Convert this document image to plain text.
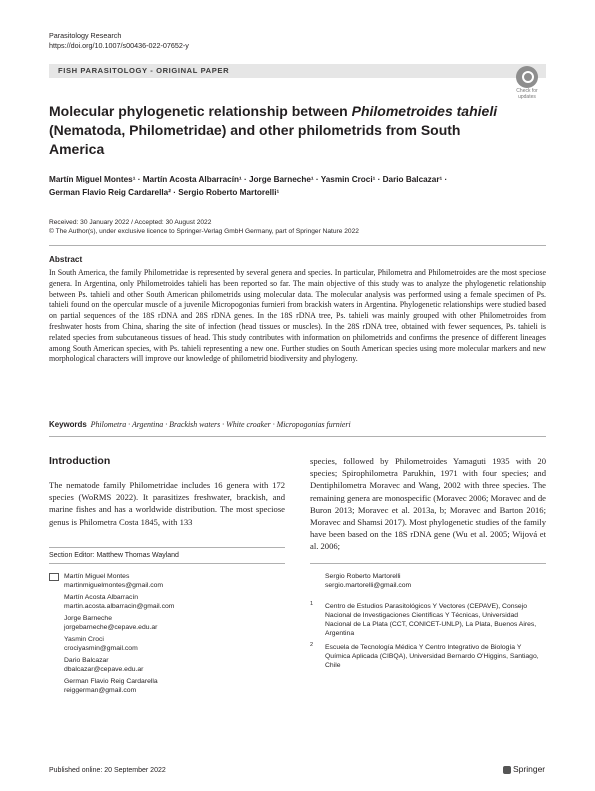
Parasitology Research
https://doi.org/10.1007/s00436-022-07652-y
FISH PARASITOLOGY - ORIGINAL PAPER
Check for
updates
Molecular phylogenetic relationship between Philometroides tahieli (Nematoda, Philometridae) and other philometrids from South America
Martín Miguel Montes¹ · Martín Acosta Albarracín¹ · Jorge Barneche¹ · Yasmin Croci¹ · Dario Balcazar¹ ·
German Flavio Reig Cardarella² · Sergio Roberto Martorelli¹
Received: 30 January 2022 / Accepted: 30 August 2022
© The Author(s), under exclusive licence to Springer-Verlag GmbH Germany, part of Springer Nature 2022
Abstract
In South America, the family Philometridae is represented by several genera and species. In particular, Philometra and Philometroides are the most speciose genera. In Argentina, only Philometroides tahieli has been reported so far. The main objective of this study was to analyze the phylogenetic relationship between Ps. tahieli and other South American philometrids using molecular data. The molecular analysis was performed using a female specimen of Ps. tahieli found on the opercular muscle of a juvenile Micropogonias furnieri from brackish waters in Argentina. Phylogenetic relationships were studied based on partial sequences of the 18S rDNA and 28S rDNA genes. In the 18S rDNA tree, Ps. tahieli was mainly grouped with other Philometroides from freshwater hosts from China, sharing the site of infection (head tissues or muscles). In the 28S rDNA tree, obtained with fewer sequences, Ps. tahieli is related species from subcutaneous tissues of head. This study contributes with information on philometrids and confirms the presence of different lineages among South American species, with Ps. tahieli representing a new one. Further studies on South American species using more molecular markers and new morphological characters will improve our knowledge of philometrid biodiversity and phylogeny.
Keywords Philometra · Argentina · Brackish waters · White croaker · Micropogonias furnieri
Introduction
The nematode family Philometridae includes 16 genera with 172 species (WoRMS 2022). It parasitizes freshwater, brackish, and marine fishes and has a worldwide distribution. The most speciose genus is Philometra Costa 1845, with 133
species, followed by Philometroides Yamaguti 1935 with 20 species; Spirophilometra Parukhin, 1971 with four species; and Dentiphilometra Moravec and Wang, 2002 with three species. The remaining genera are monospecific (Moravec 2006; Moravec and de Buron 2013; Moravec et al. 2013a, b; Moravec and Barton 2016; Moravec and Shamsi 2017). Most phylogenetic studies of the family have been based on the 18S rDNA gene (Wu et al. 2005; Wijová et al. 2006;
Section Editor: Matthew Thomas Wayland
Martín Miguel Montes
martinmiguelmontes@gmail.com
Martín Acosta Albarracín
martin.acosta.albarracin@gmail.com
Jorge Barneche
jorgebarneche@cepave.edu.ar
Yasmin Croci
crociyasmin@gmail.com
Dario Balcazar
dbalcazar@cepave.edu.ar
German Flavio Reig Cardarella
reiggerman@gmail.com
Sergio Roberto Martorelli
sergio.martorelli@gmail.com
1 Centro de Estudios Parasitológicos Y Vectores (CEPAVE), Consejo Nacional de Investigaciones Científicas Y Técnicas, Universidad Nacional de La Plata (CCT, CONICET-UNLP), La Plata, Buenos Aires, Argentina
2 Escuela de Tecnología Médica Y Centro Integrativo de Biología Y Química Aplicada (CIBQA), Universidad Bernardo O'Higgins, Santiago, Chile
Published online: 20 September 2022	Springer
